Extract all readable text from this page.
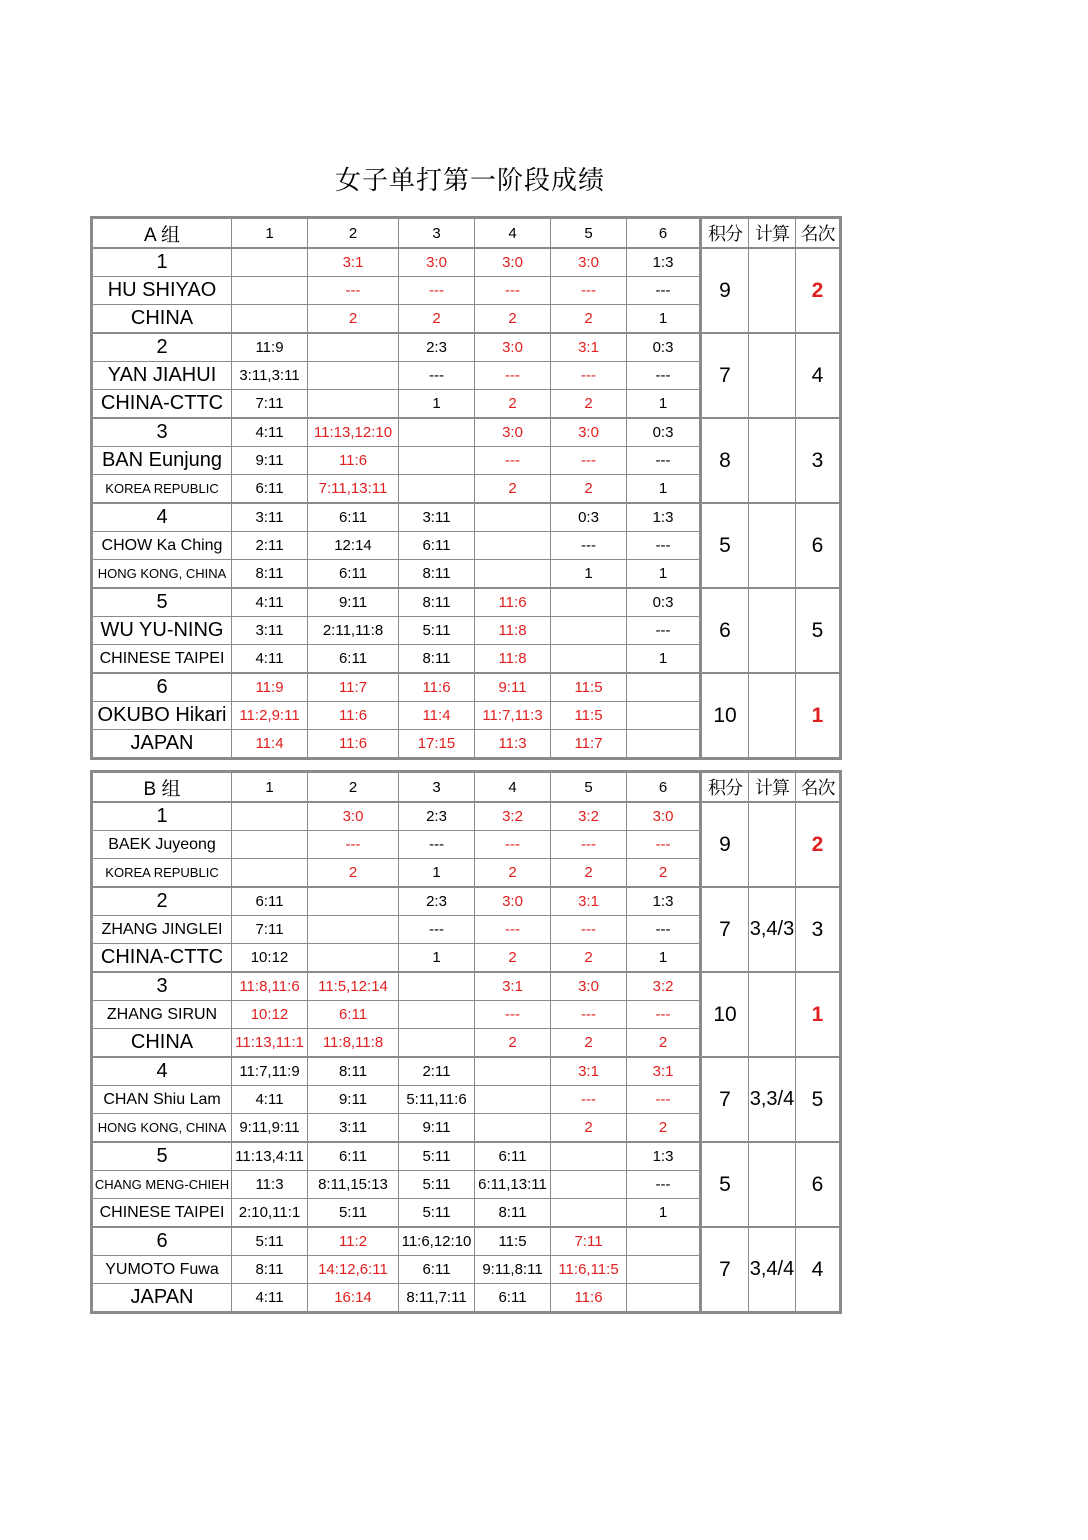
女子单打第一阶段成绩
A 组	1	2	3	4	5	6	积分	计算	名次
1		3:1	3:0	3:0	3:0	1:3	9		2
HU SHIYAO		---	---	---	---	---			
CHINA		2	2	2	2	1			
2	11:9		2:3	3:0	3:1	0:3	7		4
YAN JIAHUI	3:11,3:11		---	---	---	---			
CHINA-CTTC	7:11		1	2	2	1			
3	4:11	11:13,12:10		3:0	3:0	0:3	8		3
BAN Eunjung	9:11	11:6		---	---	---			
KOREA REPUBLIC	6:11	7:11,13:11		2	2	1			
4	3:11	6:11	3:11		0:3	1:3	5		6
CHOW Ka Ching	2:11	12:14	6:11		---	---			
HONG KONG, CHINA	8:11	6:11	8:11		1	1			
5	4:11	9:11	8:11	11:6		0:3	6		5
WU YU-NING	3:11	2:11,11:8	5:11	11:8		---			
CHINESE TAIPEI	4:11	6:11	8:11	11:8		1			
6	11:9	11:7	11:6	9:11	11:5		10		1
OKUBO Hikari	11:2,9:11	11:6	11:4	11:7,11:3	11:5				
JAPAN	11:4	11:6	17:15	11:3	11:7				
B 组	1	2	3	4	5	6	积分	计算	名次
1		3:0	2:3	3:2	3:2	3:0	9		2
BAEK Juyeong		---	---	---	---	---			
KOREA REPUBLIC		2	1	2	2	2			
2	6:11		2:3	3:0	3:1	1:3	7	3,4/3	3
ZHANG JINGLEI	7:11		---	---	---	---			
CHINA-CTTC	10:12		1	2	2	1			
3	11:8,11:6	11:5,12:14		3:1	3:0	3:2	10		1
ZHANG SIRUN	10:12	6:11		---	---	---			
CHINA	11:13,11:1	11:8,11:8		2	2	2			
4	11:7,11:9	8:11	2:11		3:1	3:1	7	3,3/4	5
CHAN Shiu Lam	4:11	9:11	5:11,11:6		---	---			
HONG KONG, CHINA	9:11,9:11	3:11	9:11		2	2			
5	11:13,4:11	6:11	5:11	6:11		1:3	5		6
CHANG MENG-CHIEH	11:3	8:11,15:13	5:11	6:11,13:11		---			
CHINESE TAIPEI	2:10,11:1	5:11	5:11	8:11		1			
6	5:11	11:2	11:6,12:10	11:5	7:11		7	3,4/4	4
YUMOTO Fuwa	8:11	14:12,6:11	6:11	9:11,8:11	11:6,11:5				
JAPAN	4:11	16:14	8:11,7:11	6:11	11:6				
